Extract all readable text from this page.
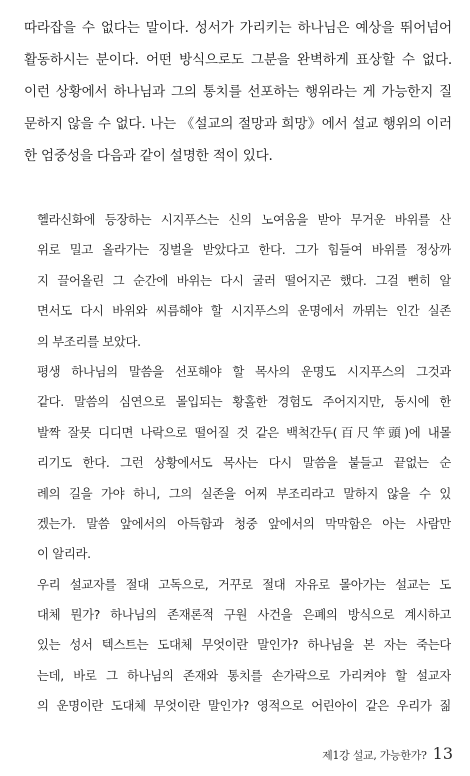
따라잡을 수 없다는 말이다. 성서가 가리키는 하나님은 예상을 뛰어넘어
활동하시는 분이다. 어떤 방식으로도 그분을 완벽하게 표상할 수 없다.
이런 상황에서 하나님과 그의 통치를 선포하는 행위라는 게 가능한지 질
문하지 않을 수 없다. 나는 《설교의 절망과 희망》에서 설교 행위의 이러
한 엄중성을 다음과 같이 설명한 적이 있다.
헬라신화에 등장하는 시지푸스는 신의 노여움을 받아 무거운 바위를 산
위로 밀고 올라가는 징벌을 받았다고 한다. 그가 힘들여 바위를 정상까
지 끌어올린 그 순간에 바위는 다시 굴러 떨어지곤 했다. 그걸 뻔히 알
면서도 다시 바위와 씨름해야 할 시지푸스의 운명에서 까뮈는 인간 실존
의 부조리를 보았다.
평생 하나님의 말씀을 선포해야 할 목사의 운명도 시지푸스의 그것과
같다. 말씀의 심연으로 몰입되는 황홀한 경험도 주어지지만, 동시에 한
발짝 잘못 디디면 나락으로 떨어질 것 같은 백척간두(百尺竿頭)에 내몰
리기도 한다. 그런 상황에서도 목사는 다시 말씀을 붙들고 끝없는 순
례의 길을 가야 하니, 그의 실존을 어찌 부조리라고 말하지 않을 수 있
겠는가. 말씀 앞에서의 아득함과 청중 앞에서의 막막함은 아는 사람만
이 알리라.
우리 설교자를 절대 고독으로, 거꾸로 절대 자유로 몰아가는 설교는 도
대체 뭔가? 하나님의 존재론적 구원 사건을 은폐의 방식으로 계시하고
있는 성서 텍스트는 도대체 무엇이란 말인가? 하나님을 본 자는 죽는다
는데, 바로 그 하나님의 존재와 통치를 손가락으로 가리켜야 할 설교자
의 운명이란 도대체 무엇이란 말인가? 영적으로 어린아이 같은 우리가 짊
제1강 설교, 가능한가? 13
